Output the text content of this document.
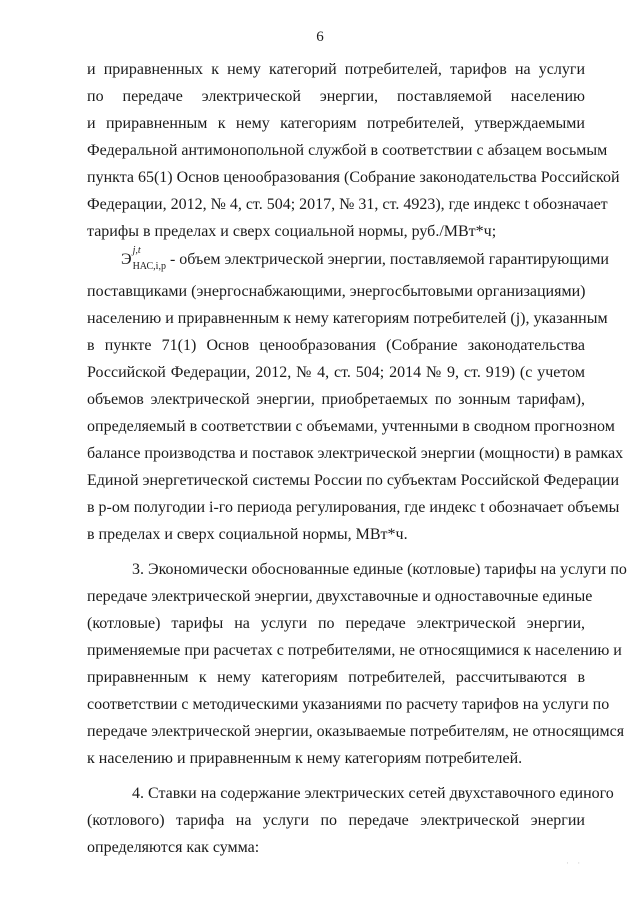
6
и приравненных к нему категорий потребителей, тарифов на услуги
по передаче электрической энергии, поставляемой населению
и приравненным к нему категориям потребителей, утверждаемыми
Федеральной антимонопольной службой в соответствии с абзацем восьмым
пункта 65(1) Основ ценообразования (Собрание законодательства Российской
Федерации, 2012, № 4, ст. 504; 2017, № 31, ст. 4923), где индекс t обозначает
тарифы в пределах и сверх социальной нормы, руб./МВт*ч;
Э
j,t
НАС,i,p - объем электрической энергии, поставляемой гарантирующими
поставщиками (энергоснабжающими, энергосбытовыми организациями)
населению и приравненным к нему категориям потребителей (j), указанным
в пункте 71(1) Основ ценообразования (Собрание законодательства
Российской Федерации, 2012, № 4, ст. 504; 2014 № 9, ст. 919) (с учетом
объемов электрической энергии, приобретаемых по зонным тарифам),
определяемый в соответствии с объемами, учтенными в сводном прогнозном
балансе производства и поставок электрической энергии (мощности) в рамках
Единой энергетической системы России по субъектам Российской Федерации
в р-ом полугодии i-го периода регулирования, где индекс t обозначает объемы
в пределах и сверх социальной нормы, МВт*ч.
3. Экономически обоснованные единые (котловые) тарифы на услуги по
передаче электрической энергии, двухставочные и одноставочные единые
(котловые) тарифы на услуги по передаче электрической энергии,
применяемые при расчетах с потребителями, не относящимися к населению и
приравненным к нему категориям потребителей, рассчитываются в
соответствии с методическими указаниями по расчету тарифов на услуги по
передаче электрической энергии, оказываемые потребителям, не относящимся
к населению и приравненным к нему категориям потребителей.
4. Ставки на содержание электрических сетей двухставочного единого
(котлового) тарифа на услуги по передаче электрической энергии
определяются как сумма:
· ·
